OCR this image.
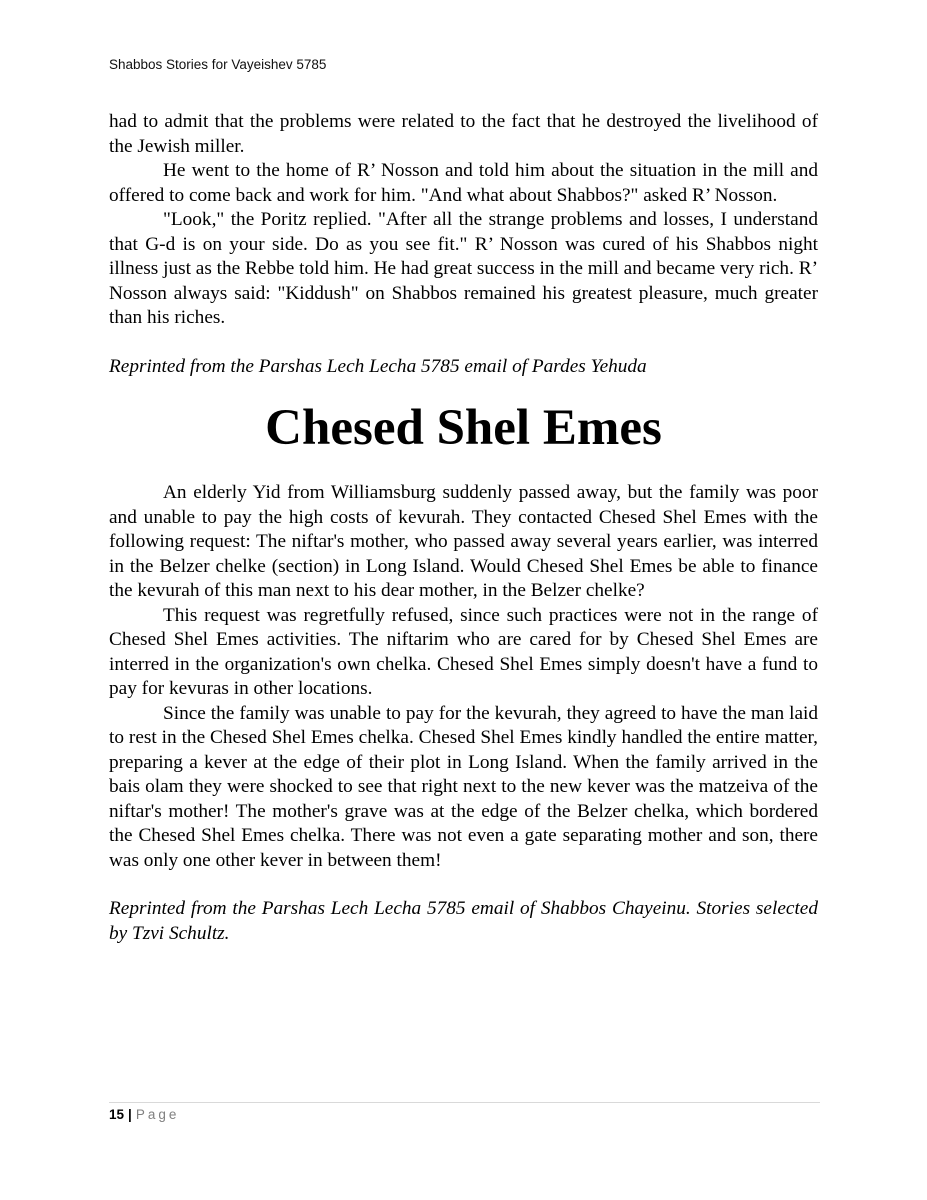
Shabbos Stories for Vayeishev 5785

had to admit that the problems were related to the fact that he destroyed the livelihood of the Jewish miller.

He went to the home of R’ Nosson and told him about the situation in the mill and offered to come back and work for him. "And what about Shabbos?" asked R’ Nosson.

"Look," the Poritz replied. "After all the strange problems and losses, I understand that G-d is on your side. Do as you see fit." R’ Nosson was cured of his Shabbos night illness just as the Rebbe told him. He had great success in the mill and became very rich. R’ Nosson always said: "Kiddush" on Shabbos remained his greatest pleasure, much greater than his riches.

Reprinted from the Parshas Lech Lecha 5785 email of Pardes Yehuda

Chesed Shel Emes

An elderly Yid from Williamsburg suddenly passed away, but the family was poor and unable to pay the high costs of kevurah. They contacted Chesed Shel Emes with the following request: The niftar's mother, who passed away several years earlier, was interred in the Belzer chelke (section) in Long Island. Would Chesed Shel Emes be able to finance the kevurah of this man next to his dear mother, in the Belzer chelke?

This request was regretfully refused, since such practices were not in the range of Chesed Shel Emes activities. The niftarim who are cared for by Chesed Shel Emes are interred in the organization's own chelka. Chesed Shel Emes simply doesn't have a fund to pay for kevuras in other locations.

Since the family was unable to pay for the kevurah, they agreed to have the man laid to rest in the Chesed Shel Emes chelka. Chesed Shel Emes kindly handled the entire matter, preparing a kever at the edge of their plot in Long Island. When the family arrived in the bais olam they were shocked to see that right next to the new kever was the matzeiva of the niftar's mother! The mother's grave was at the edge of the Belzer chelka, which bordered the Chesed Shel Emes chelka. There was not even a gate separating mother and son, there was only one other kever in between them!

Reprinted from the Parshas Lech Lecha 5785 email of Shabbos Chayeinu. Stories selected by Tzvi Schultz.

15 | Page
